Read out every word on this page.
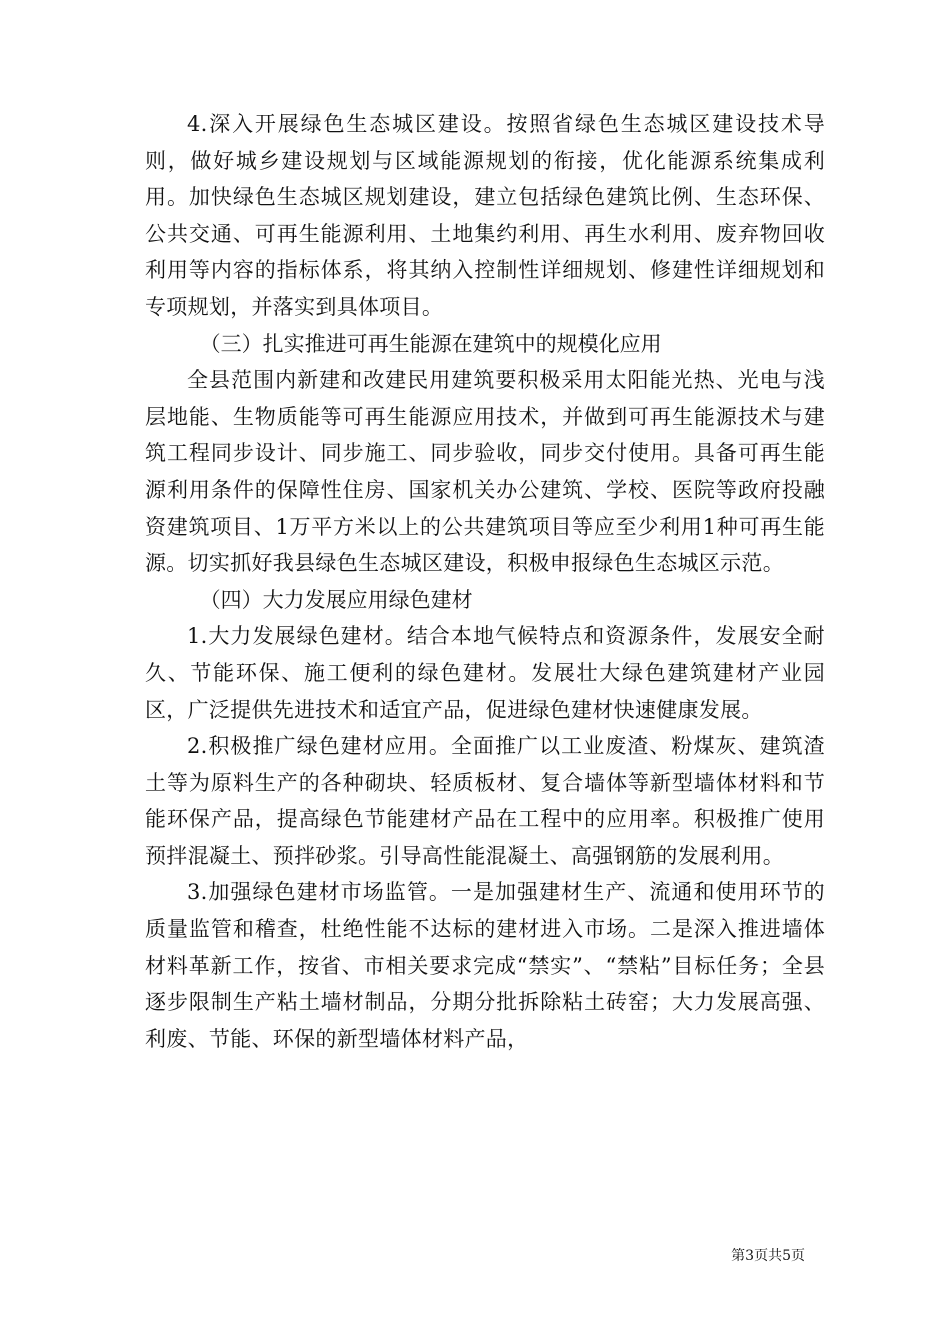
4.深入开展绿色生态城区建设。按照省绿色生态城区建设技术导则，做好城乡建设规划与区域能源规划的衔接，优化能源系统集成利用。加快绿色生态城区规划建设，建立包括绿色建筑比例、生态环保、公共交通、可再生能源利用、土地集约利用、再生水利用、废弃物回收利用等内容的指标体系，将其纳入控制性详细规划、修建性详细规划和专项规划，并落实到具体项目。

（三）扎实推进可再生能源在建筑中的规模化应用

全县范围内新建和改建民用建筑要积极采用太阳能光热、光电与浅层地能、生物质能等可再生能源应用技术，并做到可再生能源技术与建筑工程同步设计、同步施工、同步验收，同步交付使用。具备可再生能源利用条件的保障性住房、国家机关办公建筑、学校、医院等政府投融资建筑项目、1万平方米以上的公共建筑项目等应至少利用1种可再生能源。切实抓好我县绿色生态城区建设，积极申报绿色生态城区示范。

（四）大力发展应用绿色建材

1.大力发展绿色建材。结合本地气候特点和资源条件，发展安全耐久、节能环保、施工便利的绿色建材。发展壮大绿色建筑建材产业园区，广泛提供先进技术和适宜产品，促进绿色建材快速健康发展。

2.积极推广绿色建材应用。全面推广以工业废渣、粉煤灰、建筑渣土等为原料生产的各种砌块、轻质板材、复合墙体等新型墙体材料和节能环保产品，提高绿色节能建材产品在工程中的应用率。积极推广使用预拌混凝土、预拌砂浆。引导高性能混凝土、高强钢筋的发展利用。

3.加强绿色建材市场监管。一是加强建材生产、流通和使用环节的质量监管和稽查，杜绝性能不达标的建材进入市场。二是深入推进墙体材料革新工作，按省、市相关要求完成“禁实”、“禁粘”目标任务；全县逐步限制生产粘土墙材制品，分期分批拆除粘土砖窑；大力发展高强、利废、节能、环保的新型墙体材料产品，

第3页共5页
